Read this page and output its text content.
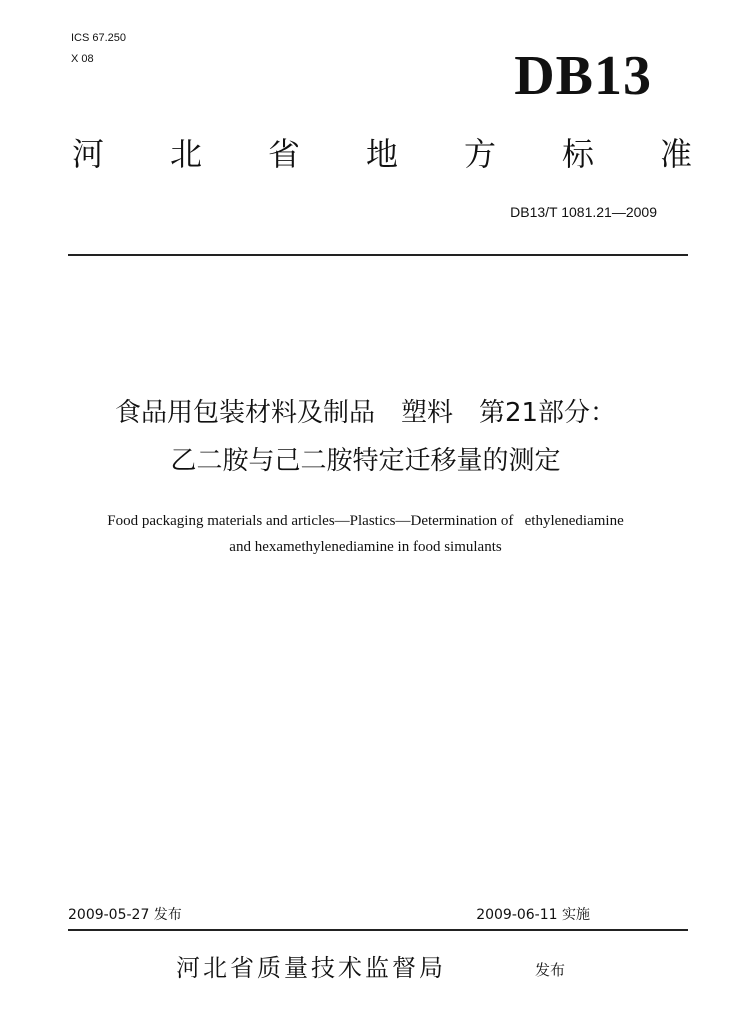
ICS 67.250
X 08	DB13
河 北 省 地 方 标 准
DB13/T 1081.21—2009
食品用包装材料及制品　塑料　第21部分：
乙二胺与己二胺特定迁移量的测定
Food packaging materials and articles—Plastics—Determination of   ethylenediamine
and hexamethylenediamine in food simulants
2009-05-27 发布	2009-06-11 实施
河北省质量技术监督局	发布
